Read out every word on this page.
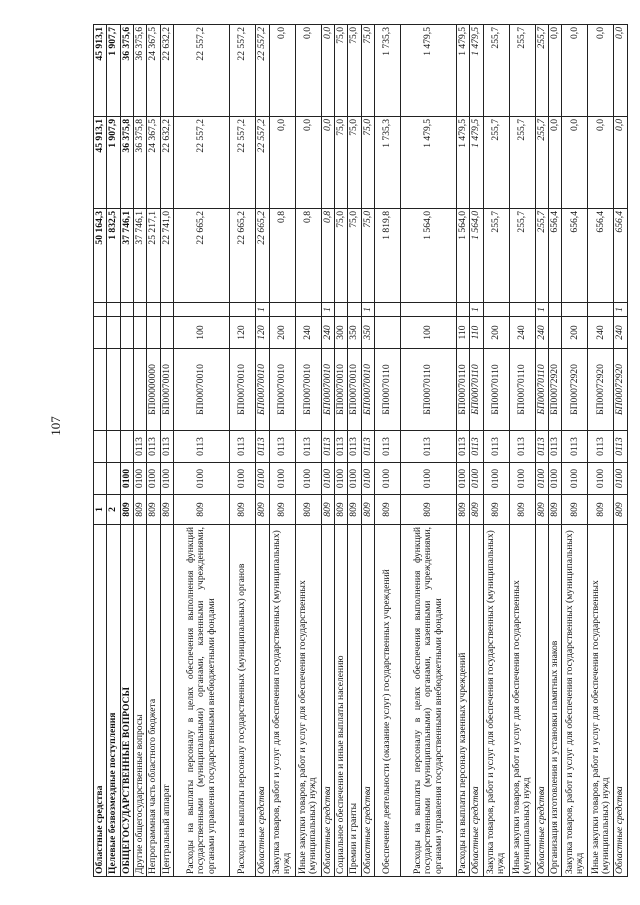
107
Областные средства	1						50 164,3	45 913,1	45 913,1
Целевые безвозмездные поступления	2						1 832,5	1 907,9	1 907,7
ОБЩЕГОСУДАРСТВЕННЫЕ ВОПРОСЫ	809	0100					37 746,1	36 375,8	36 375,6
Другие общегосударственные вопросы	809	0100	0113				37 746,1	36 375,8	36 375,6
Непрограммная часть областного бюджета	809	0100	0113	БП00000000			25 217,1	24 367,5	24 367,5
Центральный аппарат	809	0100	0113	БП00070010			22 741,0	22 632,2	22 632,2
Расходы на выплаты персоналу в целях обеспечения выполнения функций государственными (муниципальными) органами, казенными учреждениями, органами управления государственными внебюджетными фондами	809	0100	0113	БП00070010	100		22 665,2	22 557,2	22 557,2
Расходы на выплаты персоналу государственных (муниципальных) органов	809	0100	0113	БП00070010	120		22 665,2	22 557,2	22 557,2
Областные средства	809	0100	0113	БП00070010	120	1	22 665,2	22 557,2	22 557,2
Закупка товаров, работ и услуг для обеспечения государственных (муниципальных) нужд	809	0100	0113	БП00070010	200		0,8	0,0	0,0
Иные закупки товаров, работ и услуг для обеспечения государственных (муниципальных) нужд	809	0100	0113	БП00070010	240		0,8	0,0	0,0
Областные средства	809	0100	0113	БП00070010	240	1	0,8	0,0	0,0
Социальное обеспечение и иные выплаты населению	809	0100	0113	БП00070010	300		75,0	75,0	75,0
Премии и гранты	809	0100	0113	БП00070010	350		75,0	75,0	75,0
Областные средства	809	0100	0113	БП00070010	350	1	75,0	75,0	75,0
Обеспечение деятельности (оказание услуг) государственных учреждений	809	0100	0113	БП00070110			1 819,8	1 735,3	1 735,3
Расходы на выплаты персоналу в целях обеспечения выполнения функций государственными (муниципальными) органами, казенными учреждениями, органами управления государственными внебюджетными фондами	809	0100	0113	БП00070110	100		1 564,0	1 479,5	1 479,5
Расходы на выплаты персоналу казенных учреждений	809	0100	0113	БП00070110	110		1 564,0	1 479,5	1 479,5
Областные средства	809	0100	0113	БП00070110	110	1	1 564,0	1 479,5	1 479,5
Закупка товаров, работ и услуг для обеспечения государственных (муниципальных) нужд	809	0100	0113	БП00070110	200		255,7	255,7	255,7
Иные закупки товаров, работ и услуг для обеспечения государственных (муниципальных) нужд	809	0100	0113	БП00070110	240		255,7	255,7	255,7
Областные средства	809	0100	0113	БП00070110	240	1	255,7	255,7	255,7
Организация изготовления и установки памятных знаков	809	0100	0113	БП00072920			656,4	0,0	0,0
Закупка товаров, работ и услуг для обеспечения государственных (муниципальных) нужд	809	0100	0113	БП00072920	200		656,4	0,0	0,0
Иные закупки товаров, работ и услуг для обеспечения государственных (муниципальных) нужд	809	0100	0113	БП00072920	240		656,4	0,0	0,0
Областные средства	809	0100	0113	БП00072920	240	1	656,4	0,0	0,0
